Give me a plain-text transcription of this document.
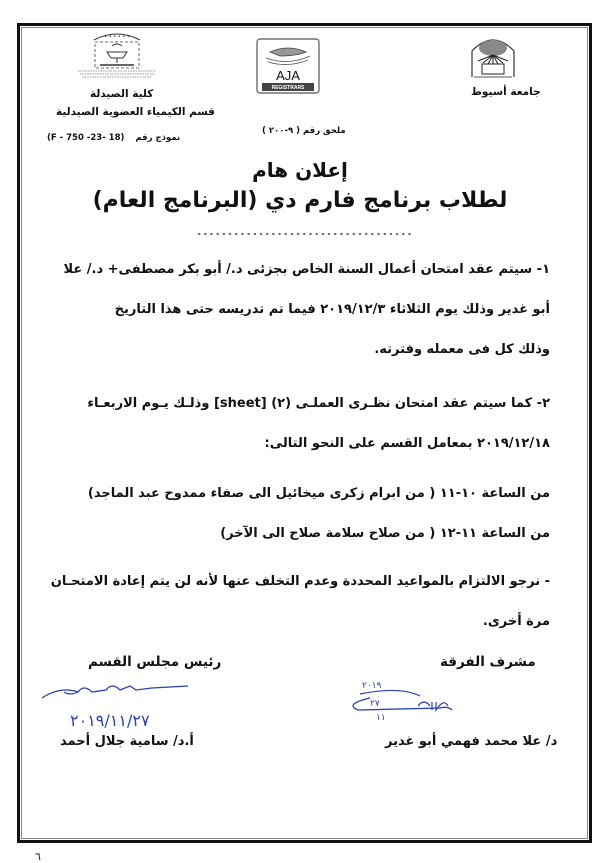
• • • • • •
AJA
REGISTRARS	جامعة أسيوط
كلية الصيدلة
قسم الكيمياء العضوية الصيدلية
ملحق رقم ( ٩-٢٠٠ )
(F - 750 -23- 18) نموذج رقم
إعلان هام
لطلاب برنامج فارم دي (البرنامج العام)
١- سيتم عقد امتحان أعمال السنة الخاص بجزئى د./ أبو بكر مصطفى+ د./ علا
أبو غدير وذلك يوم الثلاثاء ٢٠١٩/١٢/٣ فيما تم تدريسه حتى هذا التاريخ
وذلك كل فى معمله وفترته.
٢- كما سيتم عقد امتحان نظـرى العملـى (٢) [sheet] وذلـك يـوم الاربعـاء
٢٠١٩/١٢/١٨ بمعامل القسم على النحو التالى:
من الساعة ١٠-١١ ( من ابرام زكرى ميخائيل الى صفاء ممدوح عبد الماجد)
من الساعة ١١-١٢ ( من صلاح سلامة صلاح الى الآخر)
- نرجو الالتزام بالمواعيد المحددة وعدم التخلف عنها لأنه لن يتم إعادة الامتحـان
مرة أخرى.
مشرف الفرقة
رئيس مجلس القسم
٢٠١٩/١١/٢٧
٢٠١٩
٢٧
١١
د/ علا محمد فهمي أبو غدير
أ.د/ سامية جلال أحمد
٦
